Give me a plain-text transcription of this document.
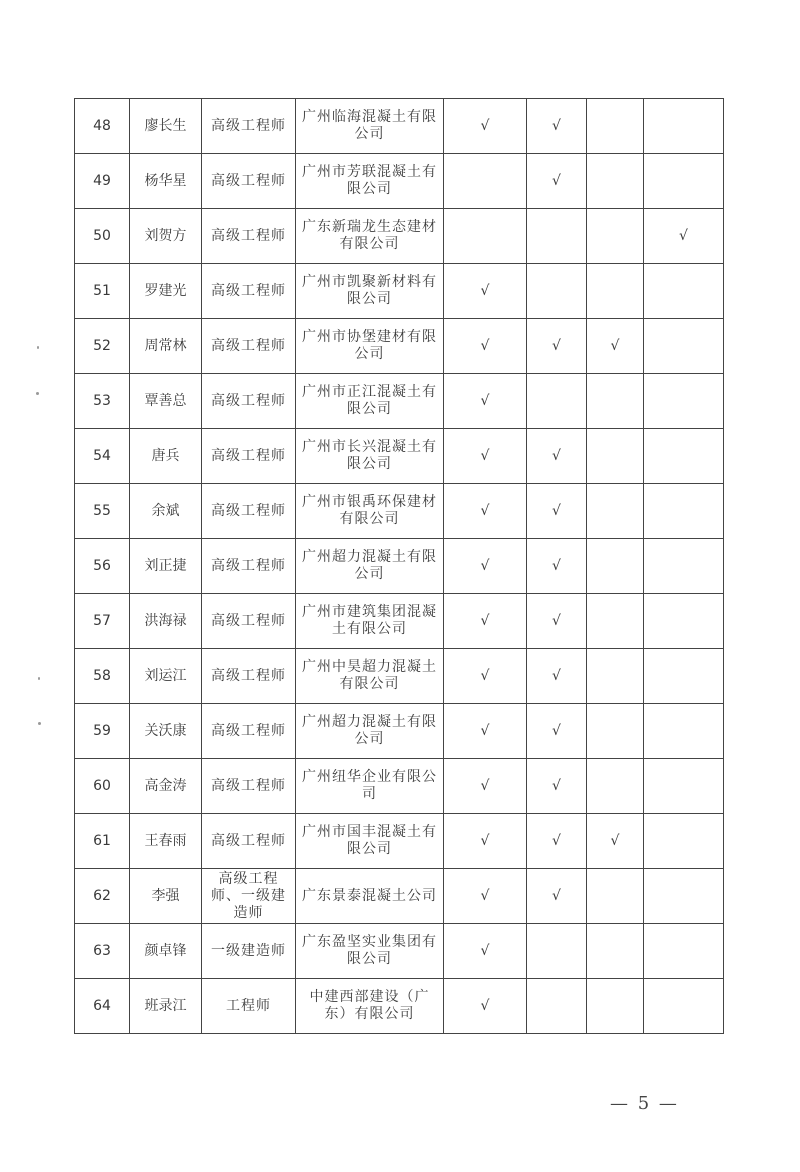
48	廖长生	高级工程师	广州临海混凝土有限公司	√	√		
49	杨华星	高级工程师	广州市芳联混凝土有限公司		√		
50	刘贺方	高级工程师	广东新瑞龙生态建材有限公司				√
51	罗建光	高级工程师	广州市凯聚新材料有限公司	√			
52	周常林	高级工程师	广州市协堡建材有限公司	√	√	√	
53	覃善总	高级工程师	广州市正江混凝土有限公司	√			
54	唐兵	高级工程师	广州市长兴混凝土有限公司	√	√		
55	余斌	高级工程师	广州市银禹环保建材有限公司	√	√		
56	刘正捷	高级工程师	广州超力混凝土有限公司	√	√		
57	洪海禄	高级工程师	广州市建筑集团混凝土有限公司	√	√		
58	刘运江	高级工程师	广州中昊超力混凝土有限公司	√	√		
59	关沃康	高级工程师	广州超力混凝土有限公司	√	√		
60	高金涛	高级工程师	广州纽华企业有限公司	√	√		
61	王春雨	高级工程师	广州市国丰混凝土有限公司	√	√	√	
62	李强	高级工程师、一级建造师	广东景泰混凝土公司	√	√		
63	颜卓锋	一级建造师	广东盈坚实业集团有限公司	√			
64	班录江	工程师	中建西部建设（广东）有限公司	√			
— 5 —
